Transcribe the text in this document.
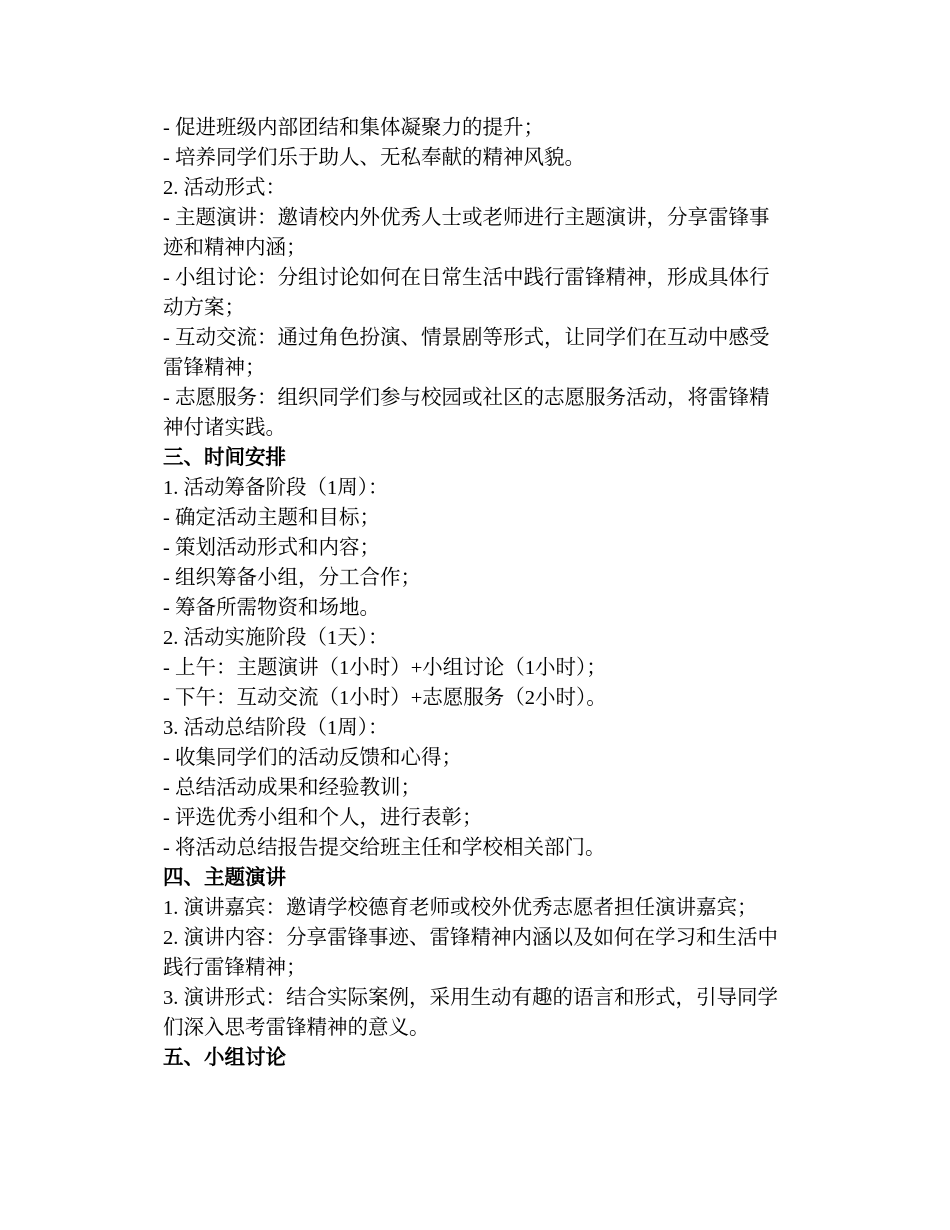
- 促进班级内部团结和集体凝聚力的提升；
- 培养同学们乐于助人、无私奉献的精神风貌。
2. 活动形式：
- 主题演讲：邀请校内外优秀人士或老师进行主题演讲，分享雷锋事迹和精神内涵；
- 小组讨论：分组讨论如何在日常生活中践行雷锋精神，形成具体行动方案；
- 互动交流：通过角色扮演、情景剧等形式，让同学们在互动中感受雷锋精神；
- 志愿服务：组织同学们参与校园或社区的志愿服务活动，将雷锋精神付诸实践。
三、时间安排
1. 活动筹备阶段（1周）：
- 确定活动主题和目标；
- 策划活动形式和内容；
- 组织筹备小组，分工合作；
- 筹备所需物资和场地。
2. 活动实施阶段（1天）：
- 上午：主题演讲（1小时）+小组讨论（1小时）；
- 下午：互动交流（1小时）+志愿服务（2小时）。
3. 活动总结阶段（1周）：
- 收集同学们的活动反馈和心得；
- 总结活动成果和经验教训；
- 评选优秀小组和个人，进行表彰；
- 将活动总结报告提交给班主任和学校相关部门。
四、主题演讲
1. 演讲嘉宾：邀请学校德育老师或校外优秀志愿者担任演讲嘉宾；
2. 演讲内容：分享雷锋事迹、雷锋精神内涵以及如何在学习和生活中践行雷锋精神；
3. 演讲形式：结合实际案例，采用生动有趣的语言和形式，引导同学们深入思考雷锋精神的意义。
五、小组讨论
